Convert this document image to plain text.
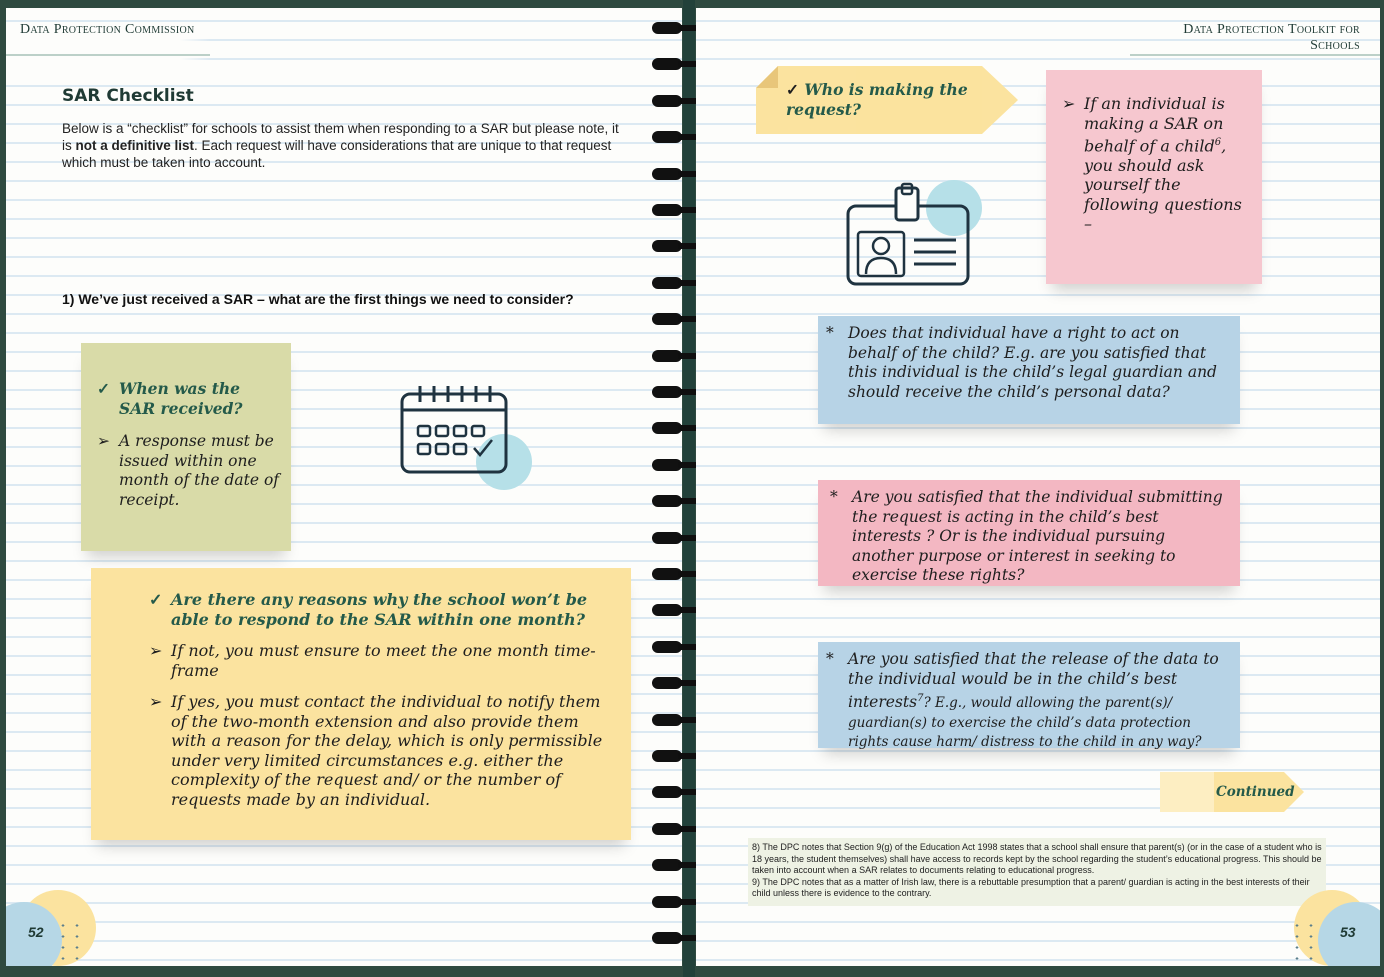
Data Protection Commission
SAR Checklist
Below is a “checklist” for schools to assist them when responding to a SAR but please note, it is not a definitive list. Each request will have considerations that are unique to that request which must be taken into account.
1) We’ve just received a SAR – what are the first things we need to consider?
✓ When was the SAR received?
➢ A response must be issued within one month of the date of receipt.
✓ Are there any reasons why the school won’t be able to respond to the SAR within one month?
➢ If not, you must ensure to meet the one month time-frame
➢ If yes, you must contact the individual to notify them of the two-month extension and also provide them with a reason for the delay, which is only permissible under very limited circumstances e.g. either the complexity of the request and/ or the number of requests made by an individual.
52
Data Protection Toolkit for Schools
✓ Who is making the request?	➢ If an individual is making a SAR on behalf of a child$^6$, you should ask yourself the following questions –
* Does that individual have a right to act on behalf of the child? E.g. are you satisfied that this individual is the child’s legal guardian and should receive the child’s personal data?
* Are you satisfied that the individual submitting the request is acting in the child’s best interests ? Or is the individual pursuing another purpose or interest in seeking to exercise these rights?
* Are you satisfied that the release of the data to the individual would be in the child’s best interests$^7$? E.g., would allowing the parent(s)/ guardian(s) to exercise the child’s data protection rights cause harm/ distress to the child in any way?
Continued
8) The DPC notes that Section 9(g) of the Education Act 1998 states that a school shall ensure that parent(s) (or in the case of a student who is 18 years, the student themselves) shall have access to records kept by the school regarding the student’s educational progress. This should be taken into account when a SAR relates to documents relating to educational progress.
9) The DPC notes that as a matter of Irish law, there is a rebuttable presumption that a parent/ guardian is acting in the best interests of their child unless there is evidence to the contrary.
53
